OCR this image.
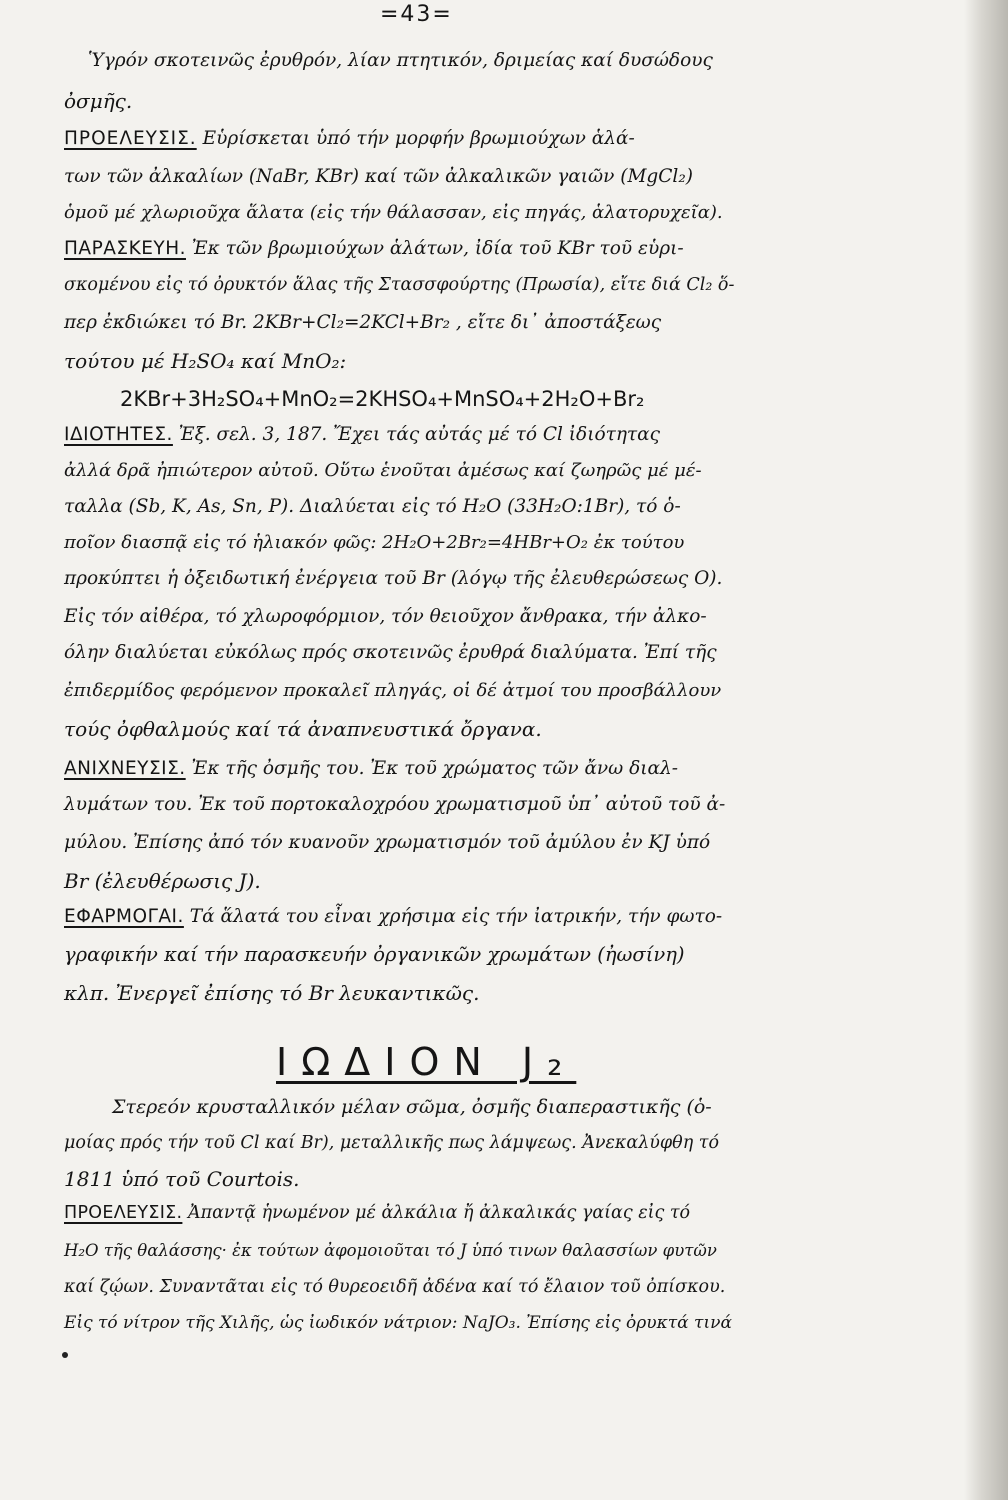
=43=
Ὑγρόν σκοτεινῶς ἐρυθρόν, λίαν πτητικόν, δριμείας καί δυσώδους
ὀσμῆς.
ΠΡΟΕΛΕΥΣΙΣ. Εὑρίσκεται ὑπό τήν μορφήν βρωμιούχων ἁλά-
των τῶν ἀλκαλίων (NaBr, KBr) καί τῶν ἀλκαλικῶν γαιῶν (MgCl₂)
ὁμοῦ μέ χλωριοῦχα ἅλατα (εἰς τήν θάλασσαν, εἰς πηγάς, ἁλατορυχεῖα).
ΠΑΡΑΣΚΕΥΗ. Ἐκ τῶν βρωμιούχων ἁλάτων, ἰδία τοῦ KBr τοῦ εὑρι-
σκομένου εἰς τό ὀρυκτόν ἅλας τῆς Στασσφούρτης (Πρωσία), εἴτε διά Cl₂ ὅ-
περ ἐκδιώκει τό Br. 2KBr+Cl₂=2KCl+Br₂ , εἴτε δι᾿ ἀποστάξεως
τούτου μέ H₂SO₄ καί MnO₂:
2KBr+3H₂SO₄+MnO₂=2KHSO₄+MnSO₄+2H₂O+Br₂
ΙΔΙΟΤΗΤΕΣ. Ἐξ. σελ. 3, 187. Ἔχει τάς αὐτάς μέ τό Cl ἰδιότητας
ἀλλά δρᾶ ἠπιώτερον αὐτοῦ. Οὕτω ἑνοῦται ἀμέσως καί ζωηρῶς μέ μέ-
ταλλα (Sb, K, As, Sn, P). Διαλύεται εἰς τό H₂O (33H₂O:1Br), τό ὁ-
ποῖον διασπᾷ εἰς τό ἡλιακόν φῶς: 2H₂O+2Br₂=4HBr+O₂ ἐκ τούτου
προκύπτει ἡ ὀξειδωτική ἐνέργεια τοῦ Br (λόγῳ τῆς ἐλευθερώσεως O).
Εἰς τόν αἰθέρα, τό χλωροφόρμιον, τόν θειοῦχον ἄνθρακα, τήν ἀλκο-
όλην διαλύεται εὐκόλως πρός σκοτεινῶς ἐρυθρά διαλύματα. Ἐπί τῆς
ἐπιδερμίδος φερόμενον προκαλεῖ πληγάς, οἱ δέ ἀτμοί του προσβάλλουν
τούς ὀφθαλμούς καί τά ἀναπνευστικά ὄργανα.
ΑΝΙΧΝΕΥΣΙΣ. Ἐκ τῆς ὀσμῆς του. Ἐκ τοῦ χρώματος τῶν ἄνω διαλ-
λυμάτων του. Ἐκ τοῦ πορτοκαλοχρόου χρωματισμοῦ ὑπ᾿ αὐτοῦ τοῦ ἀ-
μύλου. Ἐπίσης ἀπό τόν κυανοῦν χρωματισμόν τοῦ ἀμύλου ἐν KJ ὑπό
Br (ἐλευθέρωσις J).
ΕΦΑΡΜΟΓΑΙ. Τά ἅλατά του εἶναι χρήσιμα εἰς τήν ἰατρικήν, τήν φωτο-
γραφικήν καί τήν παρασκευήν ὀργανικῶν χρωμάτων (ἠωσίνη)
κλπ. Ἐνεργεῖ ἐπίσης τό Br λευκαντικῶς.
ΙΩΔΙΟΝ J₂
Στερεόν κρυσταλλικόν μέλαν σῶμα, ὀσμῆς διαπεραστικῆς (ὁ-
μοίας πρός τήν τοῦ Cl καί Br), μεταλλικῆς πως λάμψεως. Ἀνεκαλύφθη τό
1811 ὑπό τοῦ Courtois.
ΠΡΟΕΛΕΥΣΙΣ. Ἀπαντᾷ ἡνωμένον μέ ἀλκάλια ἤ ἀλκαλικάς γαίας εἰς τό
H₂O τῆς θαλάσσης· ἐκ τούτων ἀφομοιοῦται τό J ὑπό τινων θαλασσίων φυτῶν
καί ζῴων. Συναντᾶται εἰς τό θυρεοειδῆ ἀδένα καί τό ἔλαιον τοῦ ὀπίσκου.
Εἰς τό νίτρον τῆς Χιλῆς, ὡς ἰωδικόν νάτριον: NaJO₃. Ἐπίσης εἰς ὀρυκτά τινά
